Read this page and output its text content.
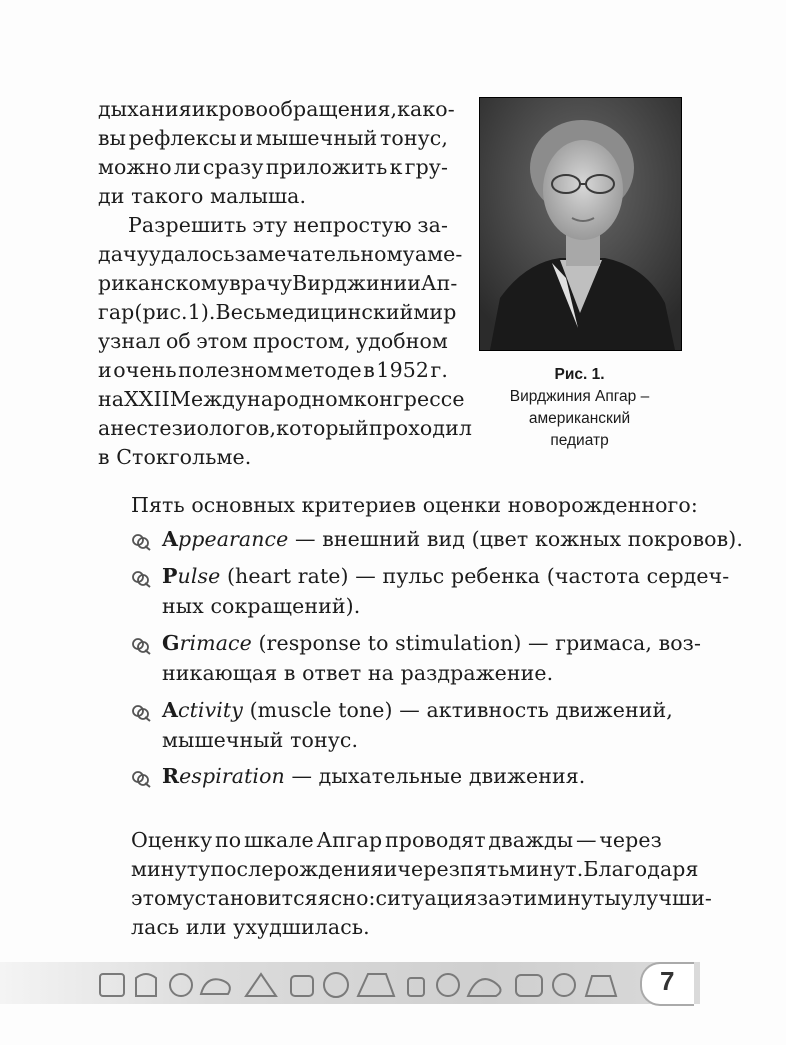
дыхания и кровообращения, како-
вы рефлексы и мышечный тонус,
можно ли сразу приложить к гру-
ди такого малыша.
Разрешить эту непростую за-
дачу удалось замечательному аме-
риканскому врачу Вирджинии Ап-
гар (рис. 1). Весь медицинский мир
узнал об этом простом, удобном
и очень полезном методе в 1952 г.
на XXII Международном конгрессе
анестезиологов, который проходил
в Стокгольме.
Рис. 1.
Вирджиния Апгар –
американский
педиатр
Пять основных критериев оценки новорожденного:
Appearance — внешний вид (цвет кожных покровов).
Pulse (heart rate) — пульс ребенка (частота сердеч-
ных сокращений).
Grimace (response to stimulation) — гримаса, воз-
никающая в ответ на раздражение.
Activity (muscle tone) — активность движений,
мышечный тонус.
Respiration — дыхательные движения.
Оценку по шкале Апгар проводят дважды — через
минуту после рождения и через пять минут. Благодаря
этому становится ясно: ситуация за эти минуты улучши-
лась или ухудшилась.
7
